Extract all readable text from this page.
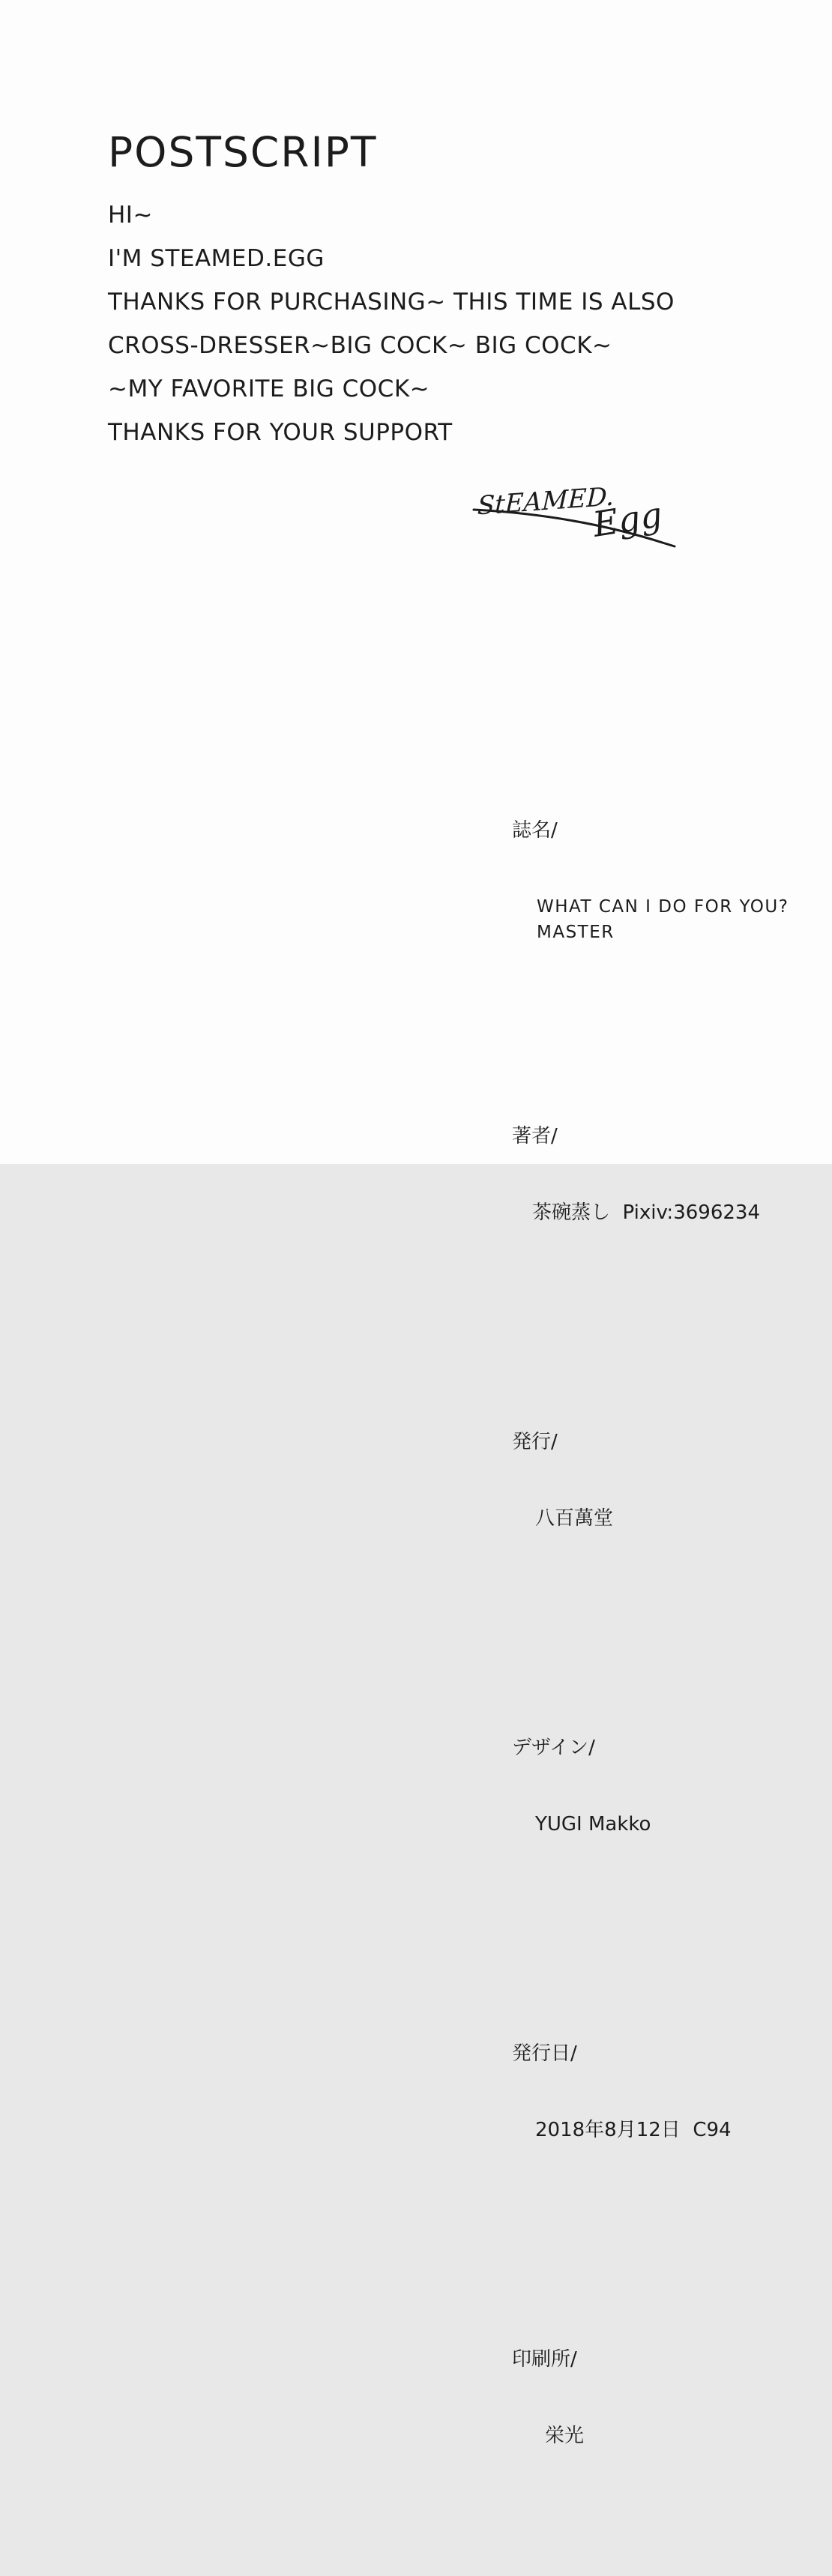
POSTSCRIPT
HI~
I'M STEAMED.EGG
THANKS FOR PURCHASING~ THIS TIME IS ALSO
CROSS-DRESSER~BIG COCK~ BIG COCK~
~MY FAVORITE BIG COCK~
THANKS FOR YOUR SUPPORT
StEAMED.
Egg

誌名/

WHAT CAN I DO FOR YOU? MASTER

著者/

茶碗蒸し  Pixiv:3696234

発行/

八百萬堂

デザイン/

YUGI Makko

発行日/

2018年8月12日  C94

印刷所/

栄光
